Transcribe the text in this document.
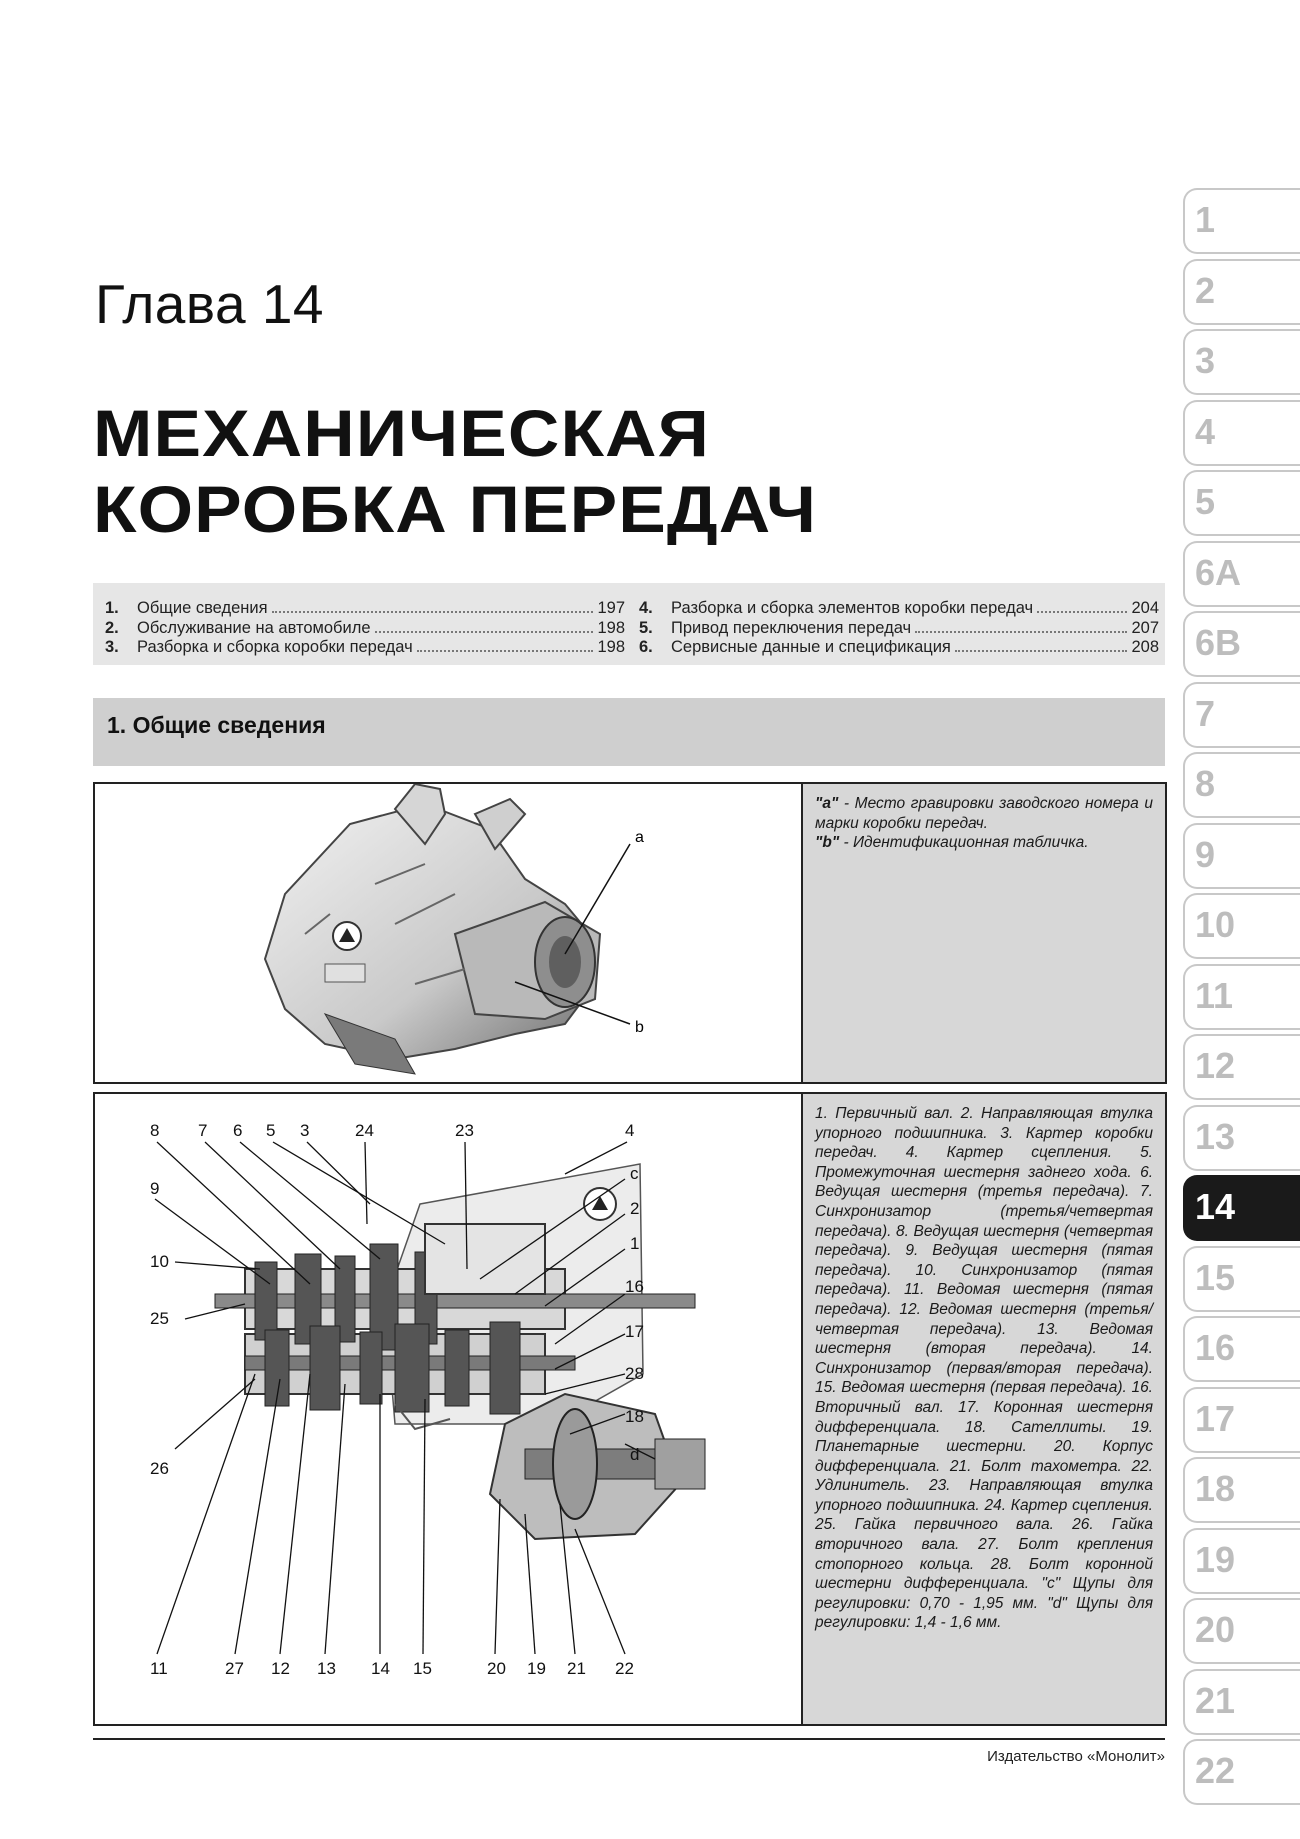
Глава 14
МЕХАНИЧЕСКАЯ
КОРОБКА ПЕРЕДАЧ
1.	Общие сведения	197
2.	Обслуживание на автомобиле	198
3.	Разборка и сборка коробки передач	198
4.	Разборка и сборка элементов коробки передач	204
5.	Привод переключения передач	207
6.	Сервисные данные и спецификация	208
1. Общие сведения
a
b
"a" - Место гравировки заводского номера и марки коробки передач.
"b" - Идентификационная табличка.
8 7 6 5 3	24	23	4
9
10
25
26
c
2
1
16
17
28
18
d
11	27 12 13 14 15	20 19 21 22
1. Первичный вал. 2. Направляющая втулка упорного подшипника. 3. Картер коробки передач. 4. Картер сцепления. 5. Промежуточная шестерня заднего хода. 6. Ведущая шестерня (третья передача). 7. Синхронизатор (третья/четвертая передача). 8. Ведущая шестерня (четвертая передача). 9. Ведущая шестерня (пятая передача). 10. Синхронизатор (пятая передача). 11. Ведомая шестерня (пятая передача). 12. Ведомая шестерня (третья/четвертая передача). 13. Ведомая шестерня (вторая передача). 14. Синхронизатор (первая/вторая передача). 15. Ведомая шестерня (первая передача). 16. Вторичный вал. 17. Коронная шестерня дифференциала. 18. Сателлиты. 19. Планетарные шестерни. 20. Корпус дифференциала. 21. Болт тахометра. 22. Удлинитель. 23. Направляющая втулка упорного подшипника. 24. Картер сцепления. 25. Гайка первичного вала. 26. Гайка вторичного вала. 27. Болт крепления стопорного кольца. 28. Болт коронной шестерни дифференциала. "c" Щупы для регулировки: 0,70 - 1,95 мм. "d" Щупы для регулировки: 1,4 - 1,6 мм.
Издательство «Монолит»
1
2
3
4
5
6A
6B
7
8
9
10
11
12
13
14
15
16
17
18
19
20
21
22
